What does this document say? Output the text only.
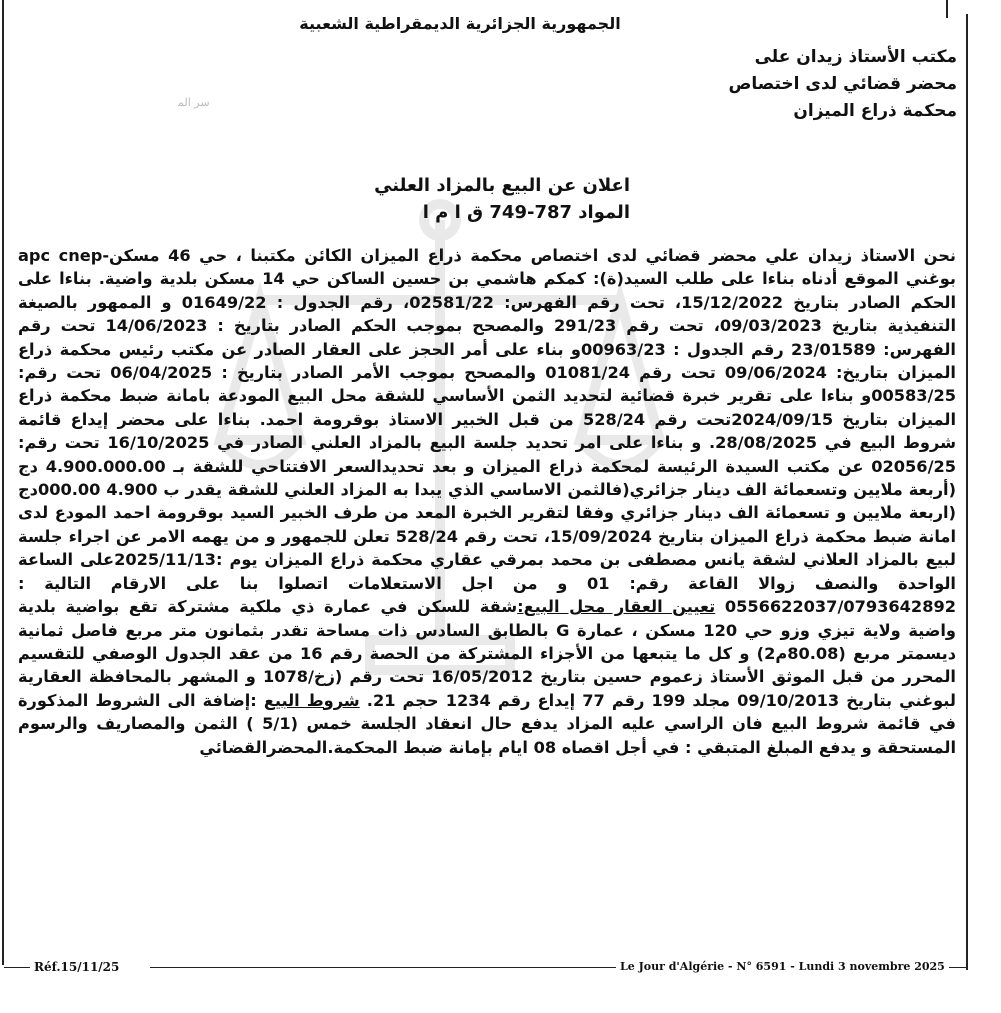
الجمهورية الجزائرية الديمقراطية الشعبية
مكتب الأستاذ زيدان على
محضر قضائي لدى اختصاص
محكمة ذراع الميزان
ﺳﺮ ﺍﻟﻤ
اعلان عن البيع بالمزاد العلني
المواد 787-749 ق ا م ا

نحن الاستاذ زيدان علي محضر قضائي لدى اختصاص محكمة ذراع الميزان الكائن مكتبنا ، حي 46 مسكن-apc cnep بوغني الموقع أدناه بناءا على طلب السيد(ة): كمكم هاشمي بن حسين الساكن حي 14 مسكن بلدية واضية. بناءا على الحكم الصادر بتاريخ 15/12/2022، تحت رقم الفهرس: 02581/22، رقم الجدول : 01649/22 و الممهور بالصيغة التنفيذية بتاريخ 09/03/2023، تحت رقم 291/23 والمصحح بموجب الحكم الصادر بتاريخ : 14/06/2023 تحت رقم الفهرس: 23/01589 رقم الجدول : 00963/23و بناء على أمر الحجز على العقار الصادر عن مكتب رئيس محكمة ذراع الميزان بتاريخ: 09/06/2024 تحت رقم 01081/24 والمصحح بموجب الأمر الصادر بتاريخ : 06/04/2025 تحت رقم: 00583/25و بناءا على تقرير خبرة قضائية لتحديد الثمن الأساسي للشقة محل البيع المودعة بامانة ضبط محكمة ذراع الميزان بتاريخ 2024/09/15تحت رقم 528/24 من قبل الخبير الاستاذ بوقرومة احمد. بناءا على محضر إيداع قائمة شروط البيع في 28/08/2025. و بناءا على امر تحديد جلسة البيع بالمزاد العلني الصادر في 16/10/2025 تحت رقم: 02056/25 عن مكتب السيدة الرئيسة لمحكمة ذراع الميزان و بعد تحديدالسعر الافتتاحي للشقة بـ 4.900.000.00 دج (أربعة ملايين وتسعمائة الف دينار جزائري(فالثمن الاساسي الذي يبدا به المزاد العلني للشقة يقدر ب 4.900 000.00دج (اربعة ملايين و تسعمائة الف دينار جزائري وفقا لتقرير الخبرة المعد من طرف الخبير السيد بوقرومة احمد المودع لدى امانة ضبط محكمة ذراع الميزان بتاريخ 15/09/2024، تحت رقم 528/24 تعلن للجمهور و من يهمه الامر عن اجراء جلسة لبيع بالمزاد العلاني لشقة يانس مصطفى بن محمد بمرقي عقاري محكمة ذراع الميزان يوم :2025/11/13على الساعة الواحدة والنصف زوالا القاعة رقم: 01 و من اجل الاستعلامات اتصلوا بنا على الارقام التالية : 0556622037/0793642892 تعيين العقار محل البيع:شقة للسكن في عمارة ذي ملكية مشتركة تقع بواضية بلدية واضية ولاية تيزي وزو حي 120 مسكن ، عمارة G بالطابق السادس ذات مساحة تقدر بثمانون متر مربع فاصل ثمانية ديسمتر مربع (80.08م2) و كل ما يتبعها من الأجزاء المشتركة من الحصة رقم 16 من عقد الجدول الوصفي للتقسيم المحرر من قبل الموثق الأستاذ زعموم حسين بتاريخ 16/05/2012 تحت رقم (زخ/1078 و المشهر بالمحافظة العقارية لبوغني بتاريخ 09/10/2013 مجلد 199 رقم 77 إيداع رقم 1234 حجم 21. شروط البيع :إضافة الى الشروط المذكورة في قائمة شروط البيع فان الراسي عليه المزاد يدفع حال انعقاد الجلسة خمس (5/1 ) الثمن والمصاريف والرسوم المستحقة و يدفع المبلغ المتبقي : في أجل اقصاه 08 ايام بإمانة ضبط المحكمة.المحضرالقضائي

Réf.15/11/25	Le Jour d'Algérie - N° 6591 - Lundi 3 novembre 2025
